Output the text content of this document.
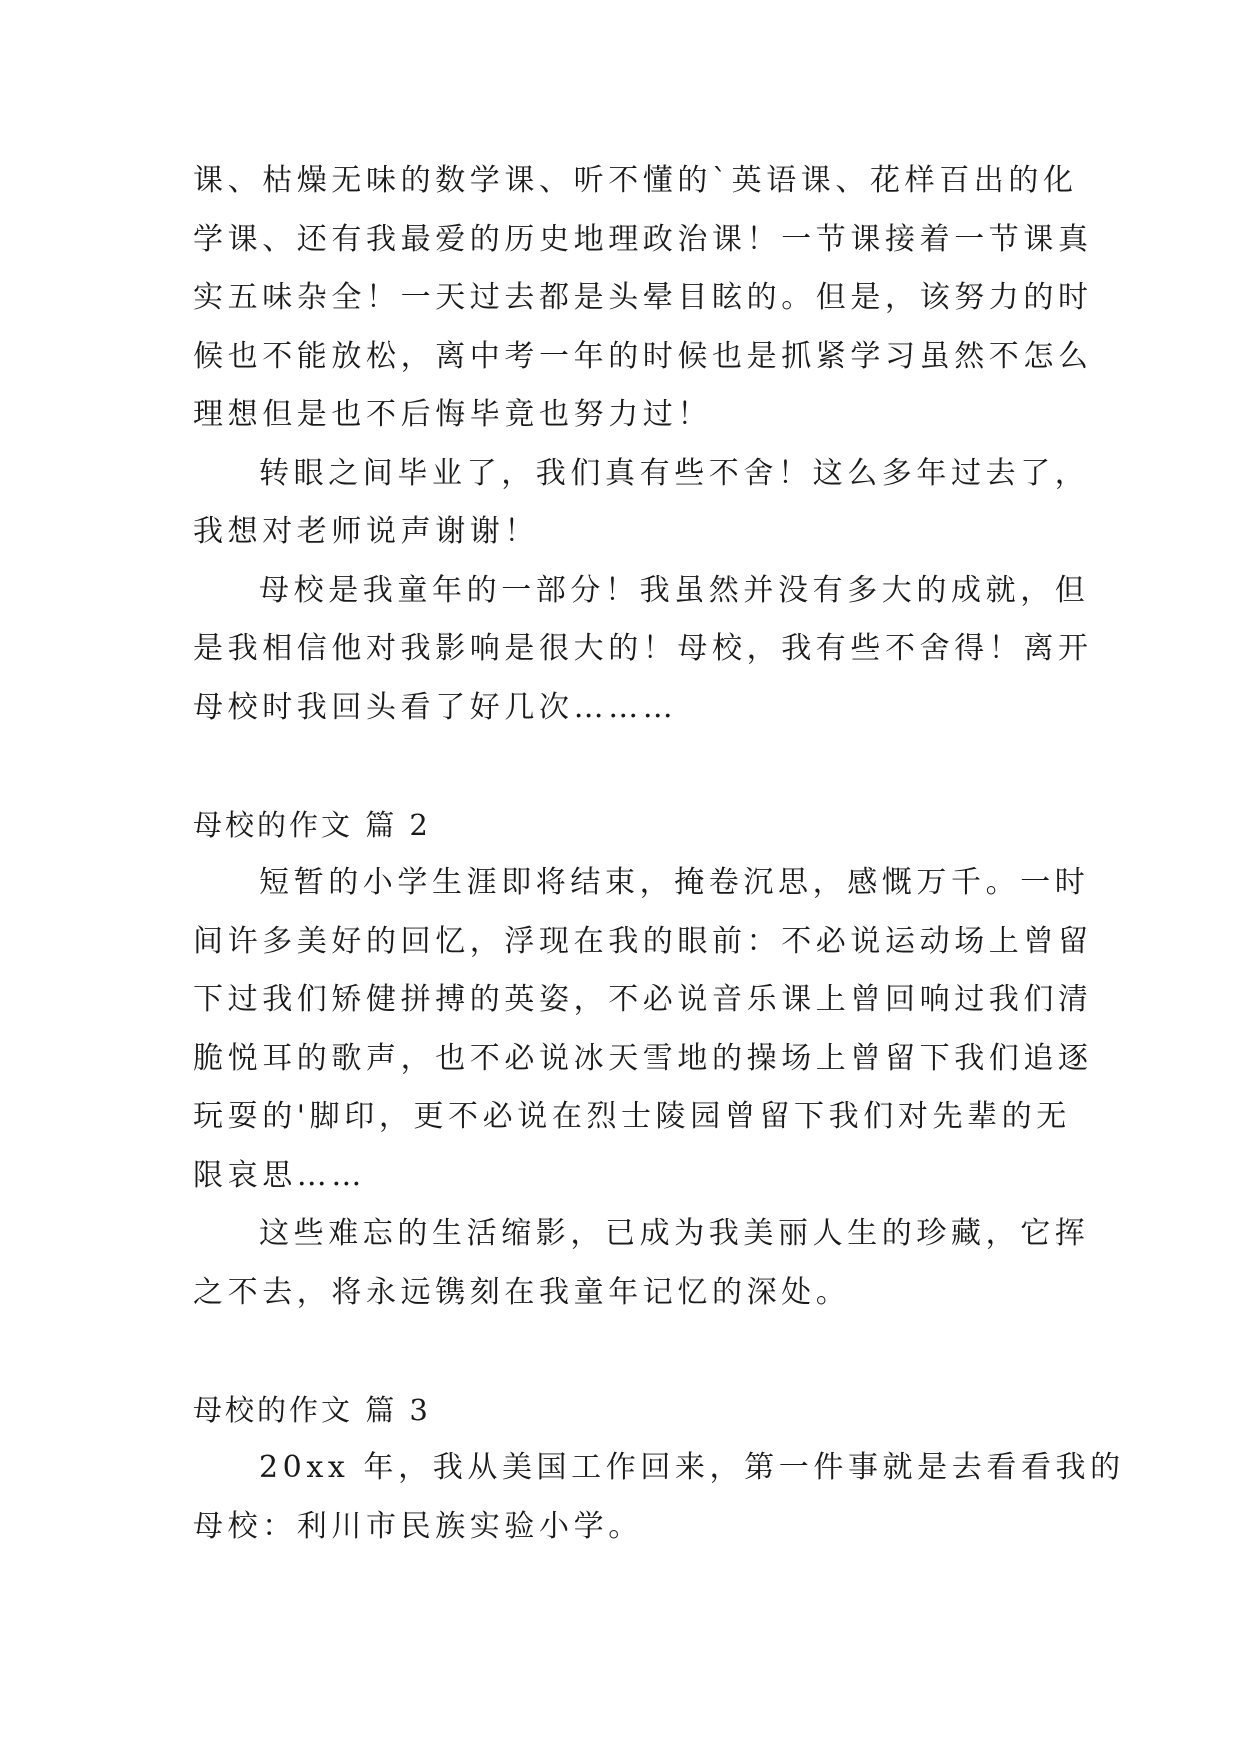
课、枯燥无味的数学课、听不懂的`英语课、花样百出的化
学课、还有我最爱的历史地理政治课！一节课接着一节课真
实五味杂全！一天过去都是头晕目眩的。但是，该努力的时
候也不能放松，离中考一年的时候也是抓紧学习虽然不怎么
理想但是也不后悔毕竟也努力过！
转眼之间毕业了，我们真有些不舍！这么多年过去了，
我想对老师说声谢谢！
母校是我童年的一部分！我虽然并没有多大的成就，但
是我相信他对我影响是很大的！母校，我有些不舍得！离开
母校时我回头看了好几次………
母校的作文 篇 2
短暂的小学生涯即将结束，掩卷沉思，感慨万千。一时
间许多美好的回忆，浮现在我的眼前：不必说运动场上曾留
下过我们矫健拼搏的英姿，不必说音乐课上曾回响过我们清
脆悦耳的歌声，也不必说冰天雪地的操场上曾留下我们追逐
玩耍的'脚印，更不必说在烈士陵园曾留下我们对先辈的无
限哀思……
这些难忘的生活缩影，已成为我美丽人生的珍藏，它挥
之不去，将永远镌刻在我童年记忆的深处。
母校的作文 篇 3
20xx 年，我从美国工作回来，第一件事就是去看看我的
母校：利川市民族实验小学。
